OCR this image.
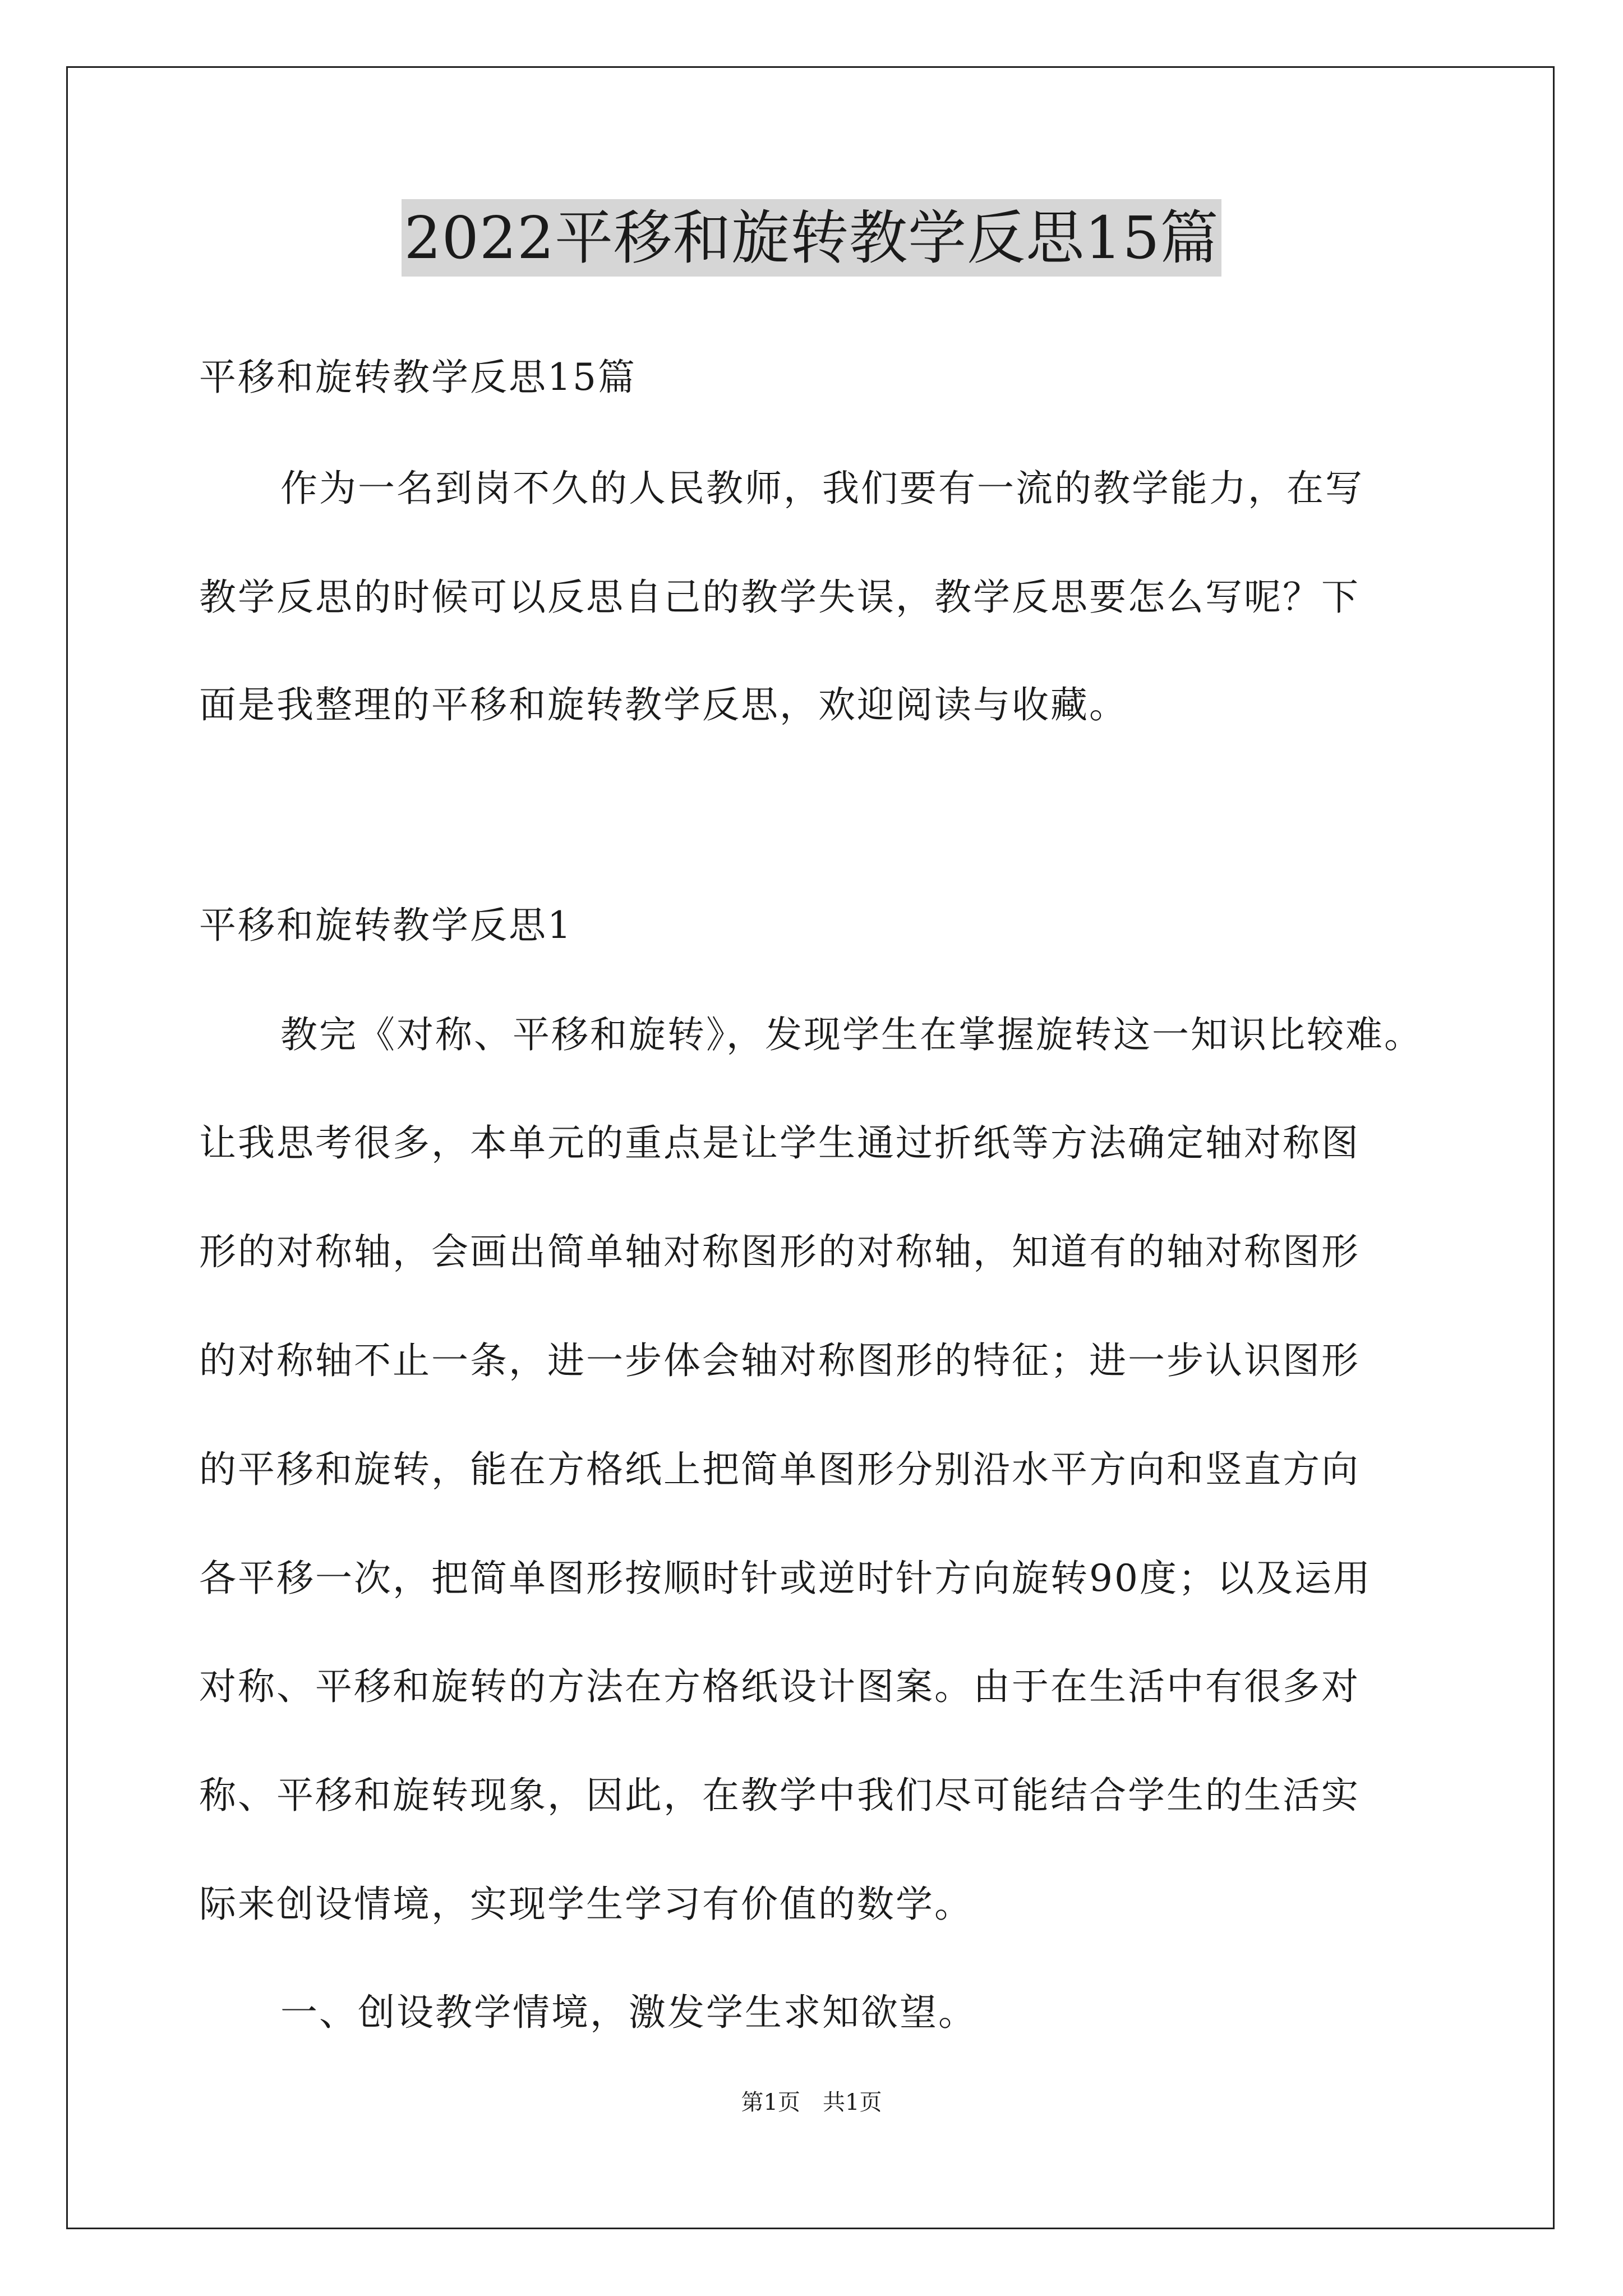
2022平移和旋转教学反思15篇
平移和旋转教学反思15篇
作为一名到岗不久的人民教师，我们要有一流的教学能力，在写
教学反思的时候可以反思自己的教学失误，教学反思要怎么写呢？下
面是我整理的平移和旋转教学反思，欢迎阅读与收藏。
平移和旋转教学反思1
教完《对称、平移和旋转》，发现学生在掌握旋转这一知识比较难。
让我思考很多，本单元的重点是让学生通过折纸等方法确定轴对称图
形的对称轴，会画出简单轴对称图形的对称轴，知道有的轴对称图形
的对称轴不止一条，进一步体会轴对称图形的特征；进一步认识图形
的平移和旋转，能在方格纸上把简单图形分别沿水平方向和竖直方向
各平移一次，把简单图形按顺时针或逆时针方向旋转90度；以及运用
对称、平移和旋转的方法在方格纸设计图案。由于在生活中有很多对
称、平移和旋转现象，因此，在教学中我们尽可能结合学生的生活实
际来创设情境，实现学生学习有价值的数学。
一、创设教学情境，激发学生求知欲望。
第1页　共1页
